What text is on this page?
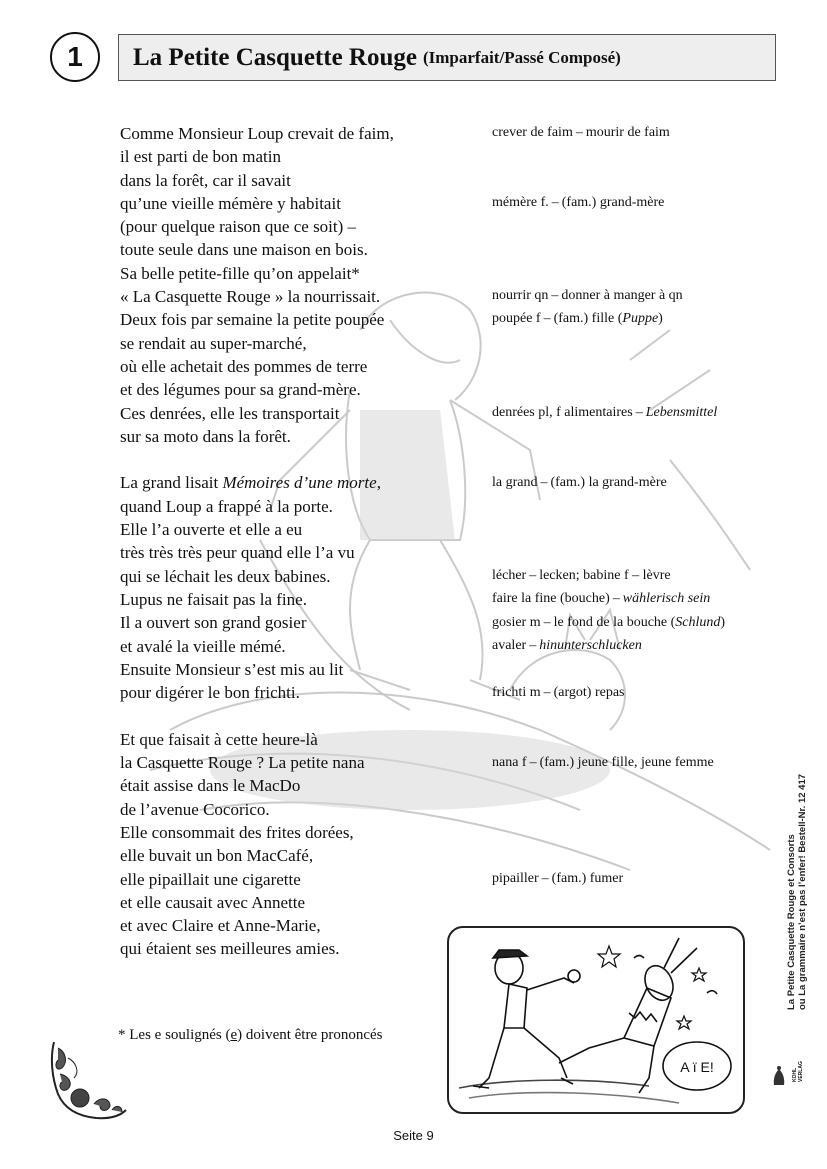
1	La Petite Casquette Rouge (Imparfait/Passé Composé)
Comme Monsieur Loup crevait de faim,
il est parti de bon matin
dans la forêt, car il savait
qu’une vieille mémère y habitait
(pour quelque raison que ce soit) –
toute seule dans une maison en bois.
Sa belle petite-fille qu’on appelait*
« La Casquette Rouge » la nourrissait.
Deux fois par semaine la petite poupée
se rendait au super-marché,
où elle achetait des pommes de terre
et des légumes pour sa grand-mère.
Ces denrées, elle les transportait
sur sa moto dans la forêt.
La grand lisait Mémoires d’une morte,
quand Loup a frappé à la porte.
Elle l’a ouverte et elle a eu
très très très peur quand elle l’a vu
qui se léchait les deux babines.
Lupus ne faisait pas la fine.
Il a ouvert son grand gosier
et avalé la vieille mémé.
Ensuite Monsieur s’est mis au lit
pour digérer le bon frichti.
Et que faisait à cette heure-là
la Casquette Rouge ? La petite nana
était assise dans le MacDo
de l’avenue Cocorico.
Elle consommait des frites dorées,
elle buvait un bon MacCafé,
elle pipaillait une cigarette
et elle causait avec Annette
et avec Claire et Anne-Marie,
qui étaient ses meilleures amies.
crever de faim – mourir de faim
mémère f. – (fam.) grand-mère
nourrir qn – donner à manger à qn
poupée f – (fam.) fille (Puppe)
denrées pl, f alimentaires – Lebensmittel
la grand – (fam.) la grand-mère
lécher – lecken; babine f – lèvre
faire la fine (bouche) – wählerisch sein
gosier m – le fond de la bouche (Schlund)
avaler – hinunterschlucken
frichti m – (argot) repas
nana f – (fam.) jeune fille, jeune femme
pipailler – (fam.) fumer
A ï E!
* Les e soulignés (e) doivent être prononcés
La Petite Casquette Rouge et Consorts ou La grammaire n’est pas l’enfer! Bestell-Nr. 12 417
KOHL VERLAG
Seite 9
